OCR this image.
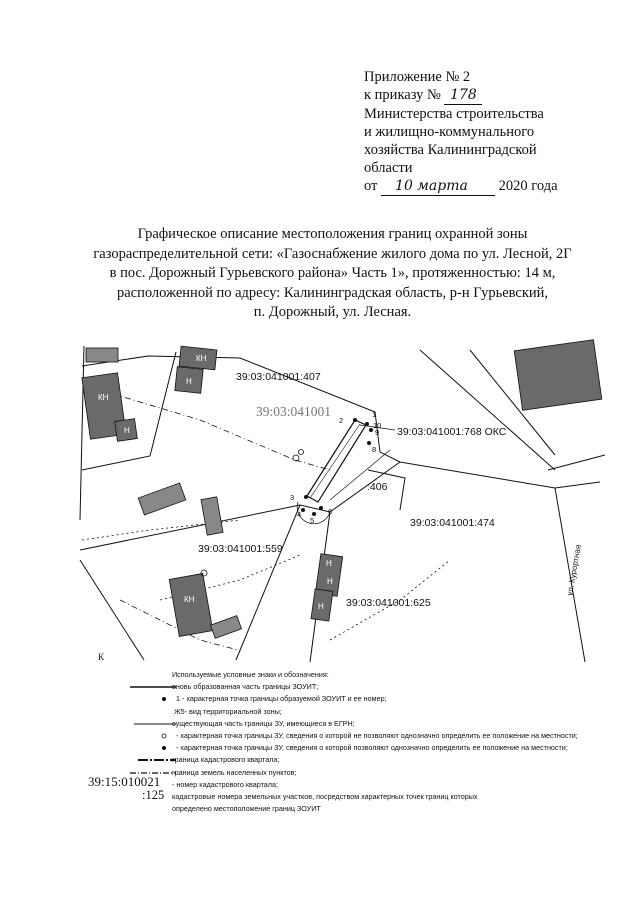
Приложение № 2
к приказу № 178
Министерства строительства
и жилищно-коммунального
хозяйства Калининградской
области
от 10 марта 2020 года
Графическое описание местоположения границ охранной зоны
газораспределительной сети: «Газоснабжение жилого дома по ул. Лесной, 2Г
в пос. Дорожный Гурьевского района» Часть 1», протяженностью: 14 м,
расположенной по адресу: Калининградская область, р-н Гурьевский,
п. Дорожный, ул. Лесная.
39:03:041001:407
39:03:041001:768 ОКС
:406
39:03:041001:474
39:03:041001:559
39:03:041001:625
39:03:041001
ул. Курортная
1
2
3
4
5
6
8
9
10
КН
КН
КН
Н
Н
Н
Н
Н
К
Используемые условные знаки и обозначения:
вновь образованная часть границы ЗОУИТ;
1 - характерная точка границы образуемой ЗОУИТ и ее номер;
Ж5- вид территориальной зоны;
существующая часть границы ЗУ, имеющиеся в ЕГРН;
- характерная точка границы ЗУ, сведения о которой не позволяют однозначно определить ее положение на местности;
- характерная точка границы ЗУ, сведения о которой позволяют однозначно определить ее положение на местности;
граница кадастрового квартала;
граница земель населенных пунктов;
39:15:010021 - номер кадастрового квартала;
:125 кадастровые номера земельных участков, посредством характерных точек границ которых
определено местоположение границ ЗОУИТ
